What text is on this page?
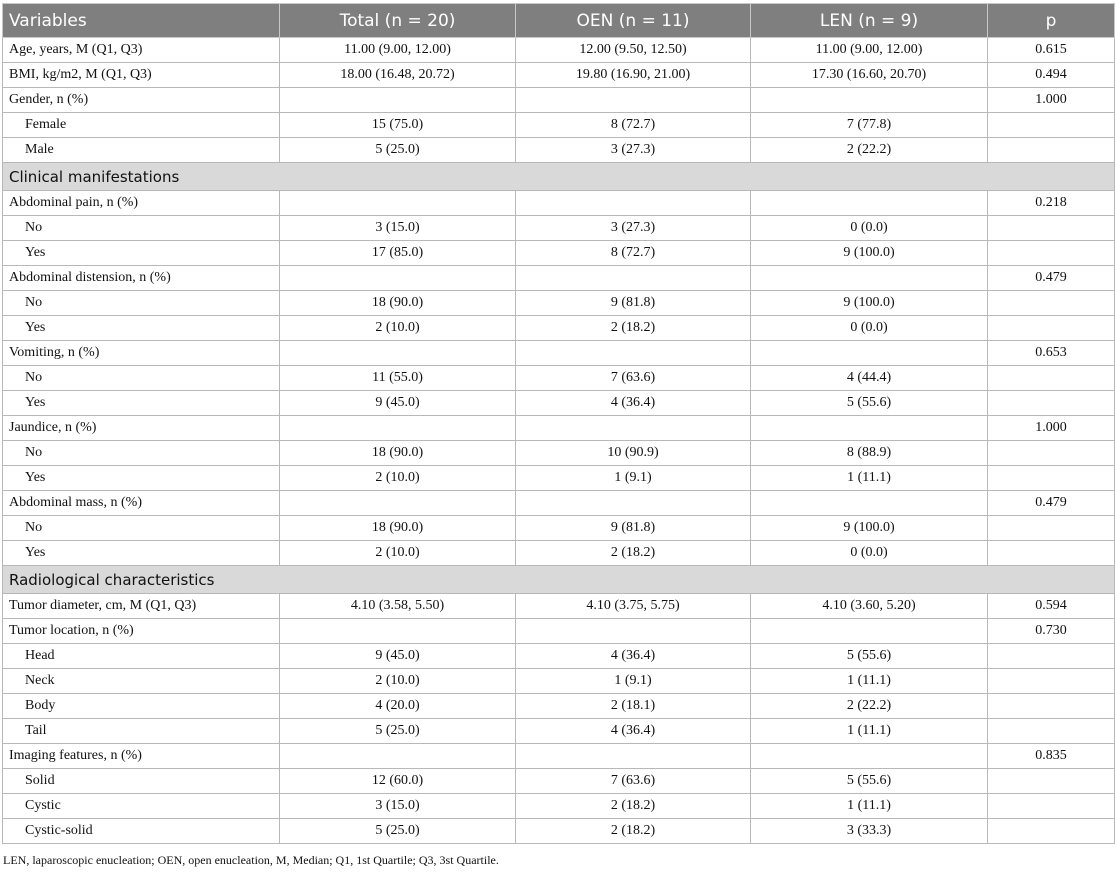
Variables	Total (n = 20)	OEN (n = 11)	LEN (n = 9)	p
Age, years, M (Q1, Q3)	11.00 (9.00, 12.00)	12.00 (9.50, 12.50)	11.00 (9.00, 12.00)	0.615
BMI, kg/m2, M (Q1, Q3)	18.00 (16.48, 20.72)	19.80 (16.90, 21.00)	17.30 (16.60, 20.70)	0.494
Gender, n (%)				1.000
Female	15 (75.0)	8 (72.7)	7 (77.8)	
Male	5 (25.0)	3 (27.3)	2 (22.2)	
Clinical manifestations				
Abdominal pain, n (%)				0.218
No	3 (15.0)	3 (27.3)	0 (0.0)	
Yes	17 (85.0)	8 (72.7)	9 (100.0)	
Abdominal distension, n (%)				0.479
No	18 (90.0)	9 (81.8)	9 (100.0)	
Yes	2 (10.0)	2 (18.2)	0 (0.0)	
Vomiting, n (%)				0.653
No	11 (55.0)	7 (63.6)	4 (44.4)	
Yes	9 (45.0)	4 (36.4)	5 (55.6)	
Jaundice, n (%)				1.000
No	18 (90.0)	10 (90.9)	8 (88.9)	
Yes	2 (10.0)	1 (9.1)	1 (11.1)	
Abdominal mass, n (%)				0.479
No	18 (90.0)	9 (81.8)	9 (100.0)	
Yes	2 (10.0)	2 (18.2)	0 (0.0)	
Radiological characteristics				
Tumor diameter, cm, M (Q1, Q3)	4.10 (3.58, 5.50)	4.10 (3.75, 5.75)	4.10 (3.60, 5.20)	0.594
Tumor location, n (%)				0.730
Head	9 (45.0)	4 (36.4)	5 (55.6)	
Neck	2 (10.0)	1 (9.1)	1 (11.1)	
Body	4 (20.0)	2 (18.1)	2 (22.2)	
Tail	5 (25.0)	4 (36.4)	1 (11.1)	
Imaging features, n (%)				0.835
Solid	12 (60.0)	7 (63.6)	5 (55.6)	
Cystic	3 (15.0)	2 (18.2)	1 (11.1)	
Cystic-solid	5 (25.0)	2 (18.2)	3 (33.3)	
LEN, laparoscopic enucleation; OEN, open enucleation, M, Median; Q1, 1st Quartile; Q3, 3st Quartile.
